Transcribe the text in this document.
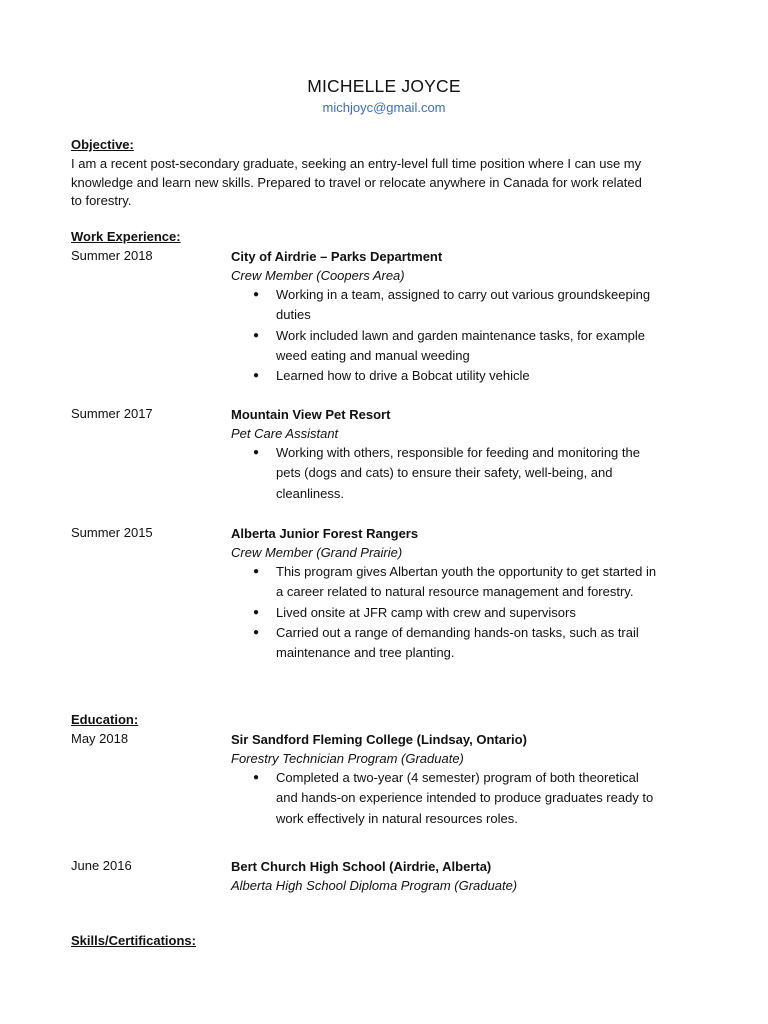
MICHELLE JOYCE
michjoyc@gmail.com
Objective:
I am a recent post-secondary graduate, seeking an entry-level full time position where I can use my knowledge and learn new skills. Prepared to travel or relocate anywhere in Canada for work related to forestry.
Work Experience:
Summer 2018	City of Airdrie – Parks Department
Crew Member (Coopers Area)
● Working in a team, assigned to carry out various groundskeeping duties
● Work included lawn and garden maintenance tasks, for example weed eating and manual weeding
● Learned how to drive a Bobcat utility vehicle
Summer 2017	Mountain View Pet Resort
Pet Care Assistant
● Working with others, responsible for feeding and monitoring the pets (dogs and cats) to ensure their safety, well-being, and cleanliness.
Summer 2015	Alberta Junior Forest Rangers
Crew Member (Grand Prairie)
● This program gives Albertan youth the opportunity to get started in a career related to natural resource management and forestry.
● Lived onsite at JFR camp with crew and supervisors
● Carried out a range of demanding hands-on tasks, such as trail maintenance and tree planting.
Education:
May 2018	Sir Sandford Fleming College (Lindsay, Ontario)
Forestry Technician Program (Graduate)
● Completed a two-year (4 semester) program of both theoretical and hands-on experience intended to produce graduates ready to work effectively in natural resources roles.
June 2016	Bert Church High School (Airdrie, Alberta)
Alberta High School Diploma Program (Graduate)
Skills/Certifications:
